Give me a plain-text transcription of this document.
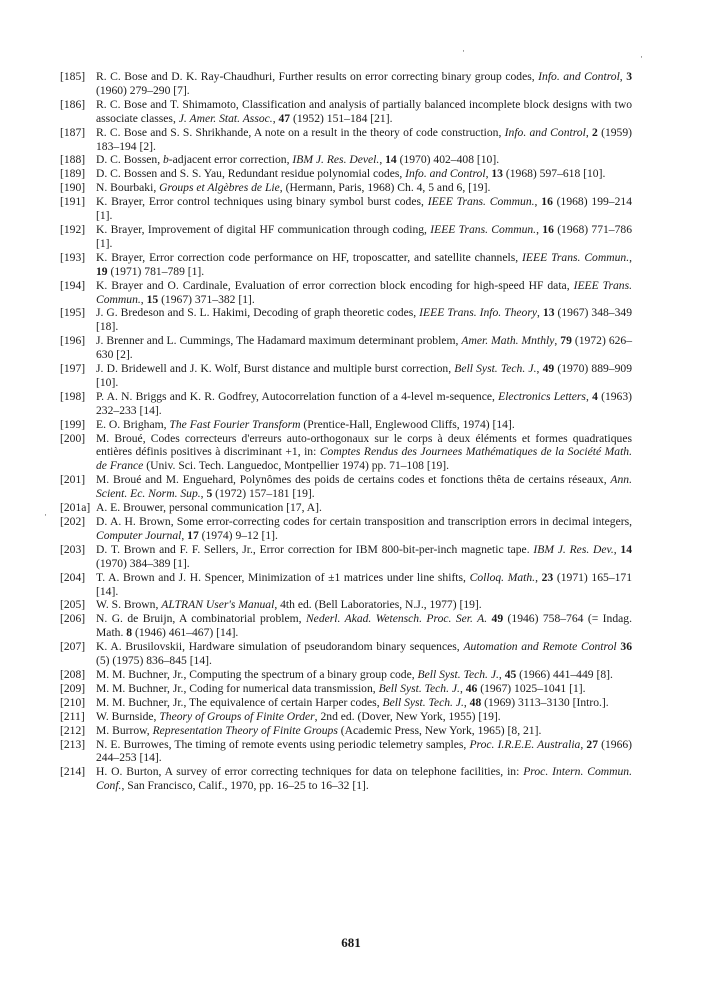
[185] R. C. Bose and D. K. Ray-Chaudhuri, Further results on error correcting binary group codes, Info. and Control, 3 (1960) 279–290 [7].
[186] R. C. Bose and T. Shimamoto, Classification and analysis of partially balanced incomplete block designs with two associate classes, J. Amer. Stat. Assoc., 47 (1952) 151–184 [21].
[187] R. C. Bose and S. S. Shrikhande, A note on a result in the theory of code construction, Info. and Control, 2 (1959) 183–194 [2].
[188] D. C. Bossen, b-adjacent error correction, IBM J. Res. Devel., 14 (1970) 402–408 [10].
[189] D. C. Bossen and S. S. Yau, Redundant residue polynomial codes, Info. and Control, 13 (1968) 597–618 [10].
[190] N. Bourbaki, Groups et Algèbres de Lie, (Hermann, Paris, 1968) Ch. 4, 5 and 6, [19].
[191] K. Brayer, Error control techniques using binary symbol burst codes, IEEE Trans. Commun., 16 (1968) 199–214 [1].
[192] K. Brayer, Improvement of digital HF communication through coding, IEEE Trans. Commun., 16 (1968) 771–786 [1].
[193] K. Brayer, Error correction code performance on HF, troposcatter, and satellite channels, IEEE Trans. Commun., 19 (1971) 781–789 [1].
[194] K. Brayer and O. Cardinale, Evaluation of error correction block encoding for high-speed HF data, IEEE Trans. Commun., 15 (1967) 371–382 [1].
[195] J. G. Bredeson and S. L. Hakimi, Decoding of graph theoretic codes, IEEE Trans. Info. Theory, 13 (1967) 348–349 [18].
[196] J. Brenner and L. Cummings, The Hadamard maximum determinant problem, Amer. Math. Mnthly, 79 (1972) 626–630 [2].
[197] J. D. Bridewell and J. K. Wolf, Burst distance and multiple burst correction, Bell Syst. Tech. J., 49 (1970) 889–909 [10].
[198] P. A. N. Briggs and K. R. Godfrey, Autocorrelation function of a 4-level m-sequence, Electronics Letters, 4 (1963) 232–233 [14].
[199] E. O. Brigham, The Fast Fourier Transform (Prentice-Hall, Englewood Cliffs, 1974) [14].
[200] M. Broué, Codes correcteurs d'erreurs auto-orthogonaux sur le corps à deux éléments et formes quadratiques entières définis positives à discriminant +1, in: Comptes Rendus des Journees Mathématiques de la Société Math. de France (Univ. Sci. Tech. Languedoc, Montpellier 1974) pp. 71–108 [19].
[201] M. Broué and M. Enguehard, Polynômes des poids de certains codes et fonctions thêta de certains réseaux, Ann. Scient. Ec. Norm. Sup., 5 (1972) 157–181 [19].
[201a] A. E. Brouwer, personal communication [17, A].
[202] D. A. H. Brown, Some error-correcting codes for certain transposition and transcription errors in decimal integers, Computer Journal, 17 (1974) 9–12 [1].
[203] D. T. Brown and F. F. Sellers, Jr., Error correction for IBM 800-bit-per-inch magnetic tape. IBM J. Res. Dev., 14 (1970) 384–389 [1].
[204] T. A. Brown and J. H. Spencer, Minimization of ±1 matrices under line shifts, Colloq. Math., 23 (1971) 165–171 [14].
[205] W. S. Brown, ALTRAN User's Manual, 4th ed. (Bell Laboratories, N.J., 1977) [19].
[206] N. G. de Bruijn, A combinatorial problem, Nederl. Akad. Wetensch. Proc. Ser. A. 49 (1946) 758–764 (= Indag. Math. 8 (1946) 461–467) [14].
[207] K. A. Brusilovskii, Hardware simulation of pseudorandom binary sequences, Automation and Remote Control 36 (5) (1975) 836–845 [14].
[208] M. M. Buchner, Jr., Computing the spectrum of a binary group code, Bell Syst. Tech. J., 45 (1966) 441–449 [8].
[209] M. M. Buchner, Jr., Coding for numerical data transmission, Bell Syst. Tech. J., 46 (1967) 1025–1041 [1].
[210] M. M. Buchner, Jr., The equivalence of certain Harper codes, Bell Syst. Tech. J., 48 (1969) 3113–3130 [Intro.].
[211] W. Burnside, Theory of Groups of Finite Order, 2nd ed. (Dover, New York, 1955) [19].
[212] M. Burrow, Representation Theory of Finite Groups (Academic Press, New York, 1965) [8, 21].
[213] N. E. Burrowes, The timing of remote events using periodic telemetry samples, Proc. I.R.E.E. Australia, 27 (1966) 244–253 [14].
[214] H. O. Burton, A survey of error correcting techniques for data on telephone facilities, in: Proc. Intern. Commun. Conf., San Francisco, Calif., 1970, pp. 16–25 to 16–32 [1].
681
·
·
·
